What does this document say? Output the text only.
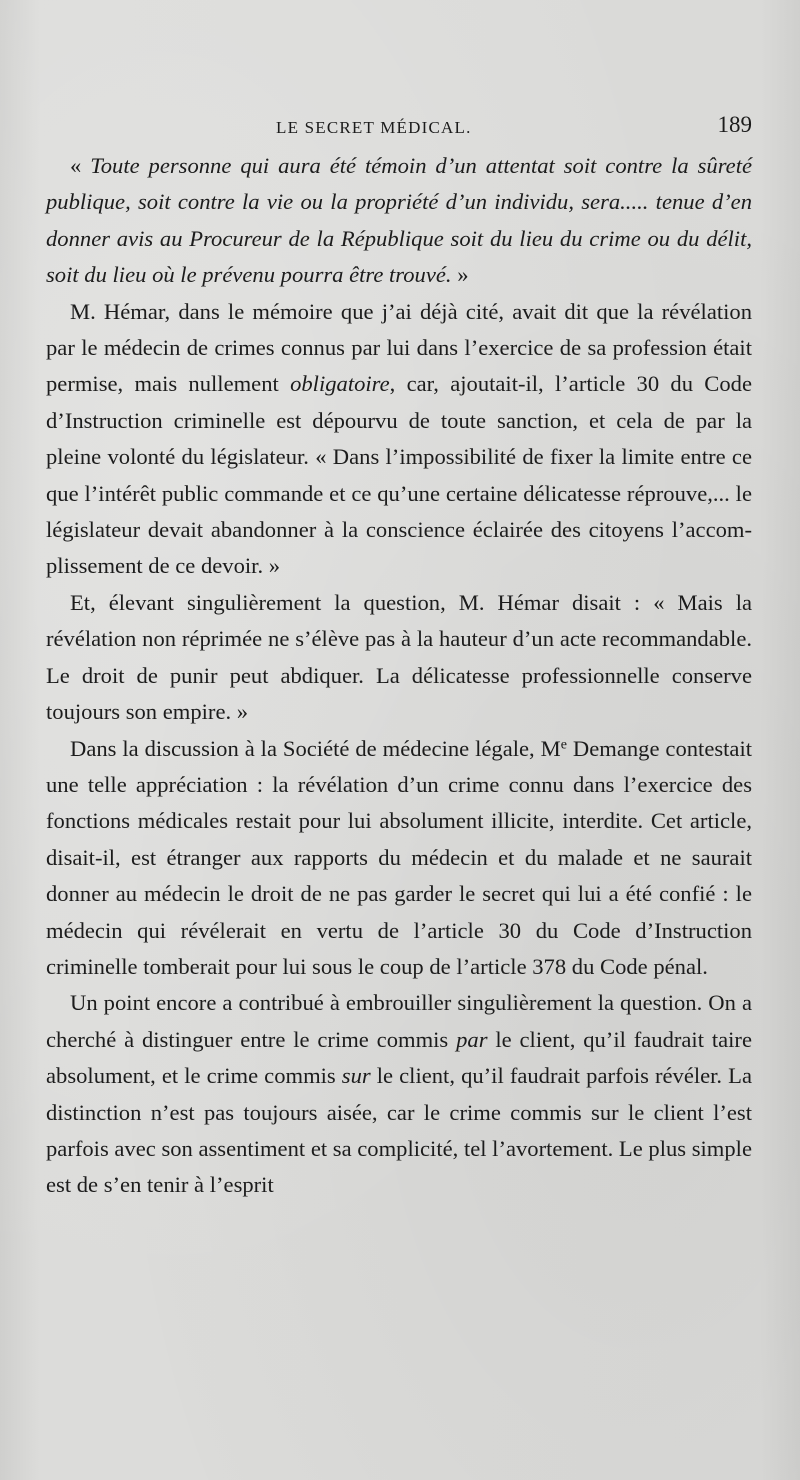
LE SECRET MÉDICAL.	189

« Toute personne qui aura été témoin d’un attentat soit contre la sûreté publique, soit contre la vie ou la propriété d’un individu, sera..... tenue d’en donner avis au Procureur de la République soit du lieu du crime ou du délit, soit du lieu où le prévenu pourra être trouvé. »

M. Hémar, dans le mémoire que j’ai déjà cité, avait dit que la révélation par le médecin de crimes connus par lui dans l’exercice de sa profession était permise, mais nullement obligatoire, car, ajoutait-il, l’article 30 du Code d’Instruction criminelle est dépourvu de toute sanction, et cela de par la pleine volonté du législateur. « Dans l’impossibilité de fixer la limite entre ce que l’intérêt public commande et ce qu’une certaine délicatesse réprouve,... le législateur devait abandonner à la conscience éclairée des citoyens l’accomplissement de ce devoir. »

Et, élevant singulièrement la question, M. Hémar disait : « Mais la révélation non réprimée ne s’élève pas à la hauteur d’un acte recommandable. Le droit de punir peut abdiquer. La délicatesse professionnelle conserve toujours son empire. »

Dans la discussion à la Société de médecine légale, Me Demange contestait une telle appréciation : la révélation d’un crime connu dans l’exercice des fonctions médicales restait pour lui absolument illicite, interdite. Cet article, disait-il, est étranger aux rapports du médecin et du malade et ne saurait donner au médecin le droit de ne pas garder le secret qui lui a été confié : le médecin qui révélerait en vertu de l’article 30 du Code d’Instruction criminelle tomberait pour lui sous le coup de l’article 378 du Code pénal.

Un point encore a contribué à embrouiller singulièrement la question. On a cherché à distinguer entre le crime commis par le client, qu’il faudrait taire absolument, et le crime commis sur le client, qu’il faudrait parfois révéler. La distinction n’est pas toujours aisée, car le crime commis sur le client l’est parfois avec son assentiment et sa complicité, tel l’avortement. Le plus simple est de s’en tenir à l’esprit
